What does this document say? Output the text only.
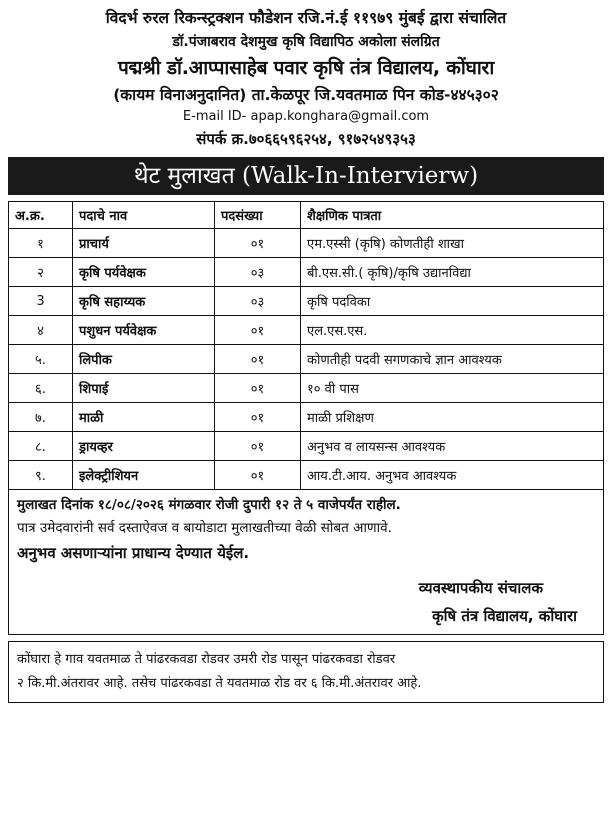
विदर्भ रुरल रिकन्स्ट्रक्शन फौडेशन रजि.नं.ई ११९७९ मुंबई द्वारा संचालित
डॉ.पंजाबराव देशमुख कृषि विद्यापिठ अकोला संलग्रित
पद्मश्री डॉ.आप्पासाहेब पवार कृषि तंत्र विद्यालय, कोंघारा
(कायम विनाअनुदानित) ता.केळपूर जि.यवतमाळ पिन कोड-४४५३०२
E-mail ID- apap.konghara@gmail.com
संपर्क क्र.७०६६५९६२५४, ९१७२५४९३५३
थेट मुलाखत (Walk-In-Intervierw)
अ.क्र.	पदाचे नाव	पदसंख्या	शैक्षणिक पात्रता
१	प्राचार्य	०१	एम.एस्सी (कृषि) कोणतीही शाखा
२	कृषि पर्यवेक्षक	०३	बी.एस.सी.( कृषि)/कृषि उद्यानविद्या
3	कृषि सहाय्यक	०३	कृषि पदविका
४	पशुधन पर्यवेक्षक	०१	एल.एस.एस.
५.	लिपीक	०१	कोणतीही पदवी सगणकाचे ज्ञान आवश्यक
६.	शिपाई	०१	१० वी पास
७.	माळी	०१	माळी प्रशिक्षण
८.	ड्रायव्हर	०१	अनुभव व लायसन्स आवश्यक
९.	इलेक्ट्रीशियन	०१	आय.टी.आय. अनुभव आवश्यक
मुलाखत दिनांक १८/०८/२०२६ मंगळवार रोजी दुपारी १२ ते ५ वाजेपर्यंत राहील.
पात्र उमेदवारांनी सर्व दस्ताऐवज व बायोडाटा मुलाखतीच्या वेळी सोबत आणावे.
अनुभव असणाऱ्यांना प्राधान्य देण्यात येईल.
व्यवस्थापकीय संचालक
कृषि तंत्र विद्यालय, कोंघारा
कोंघारा हे गाव यवतमाळ ते पांढरकवडा रोडवर उमरी रोड पासून पांढरकवडा रोडवर
२ कि.मी.अंतरावर आहे. तसेच पांढरकवडा ते यवतमाळ रोड वर ६ कि.मी.अंतरावर आहे.
